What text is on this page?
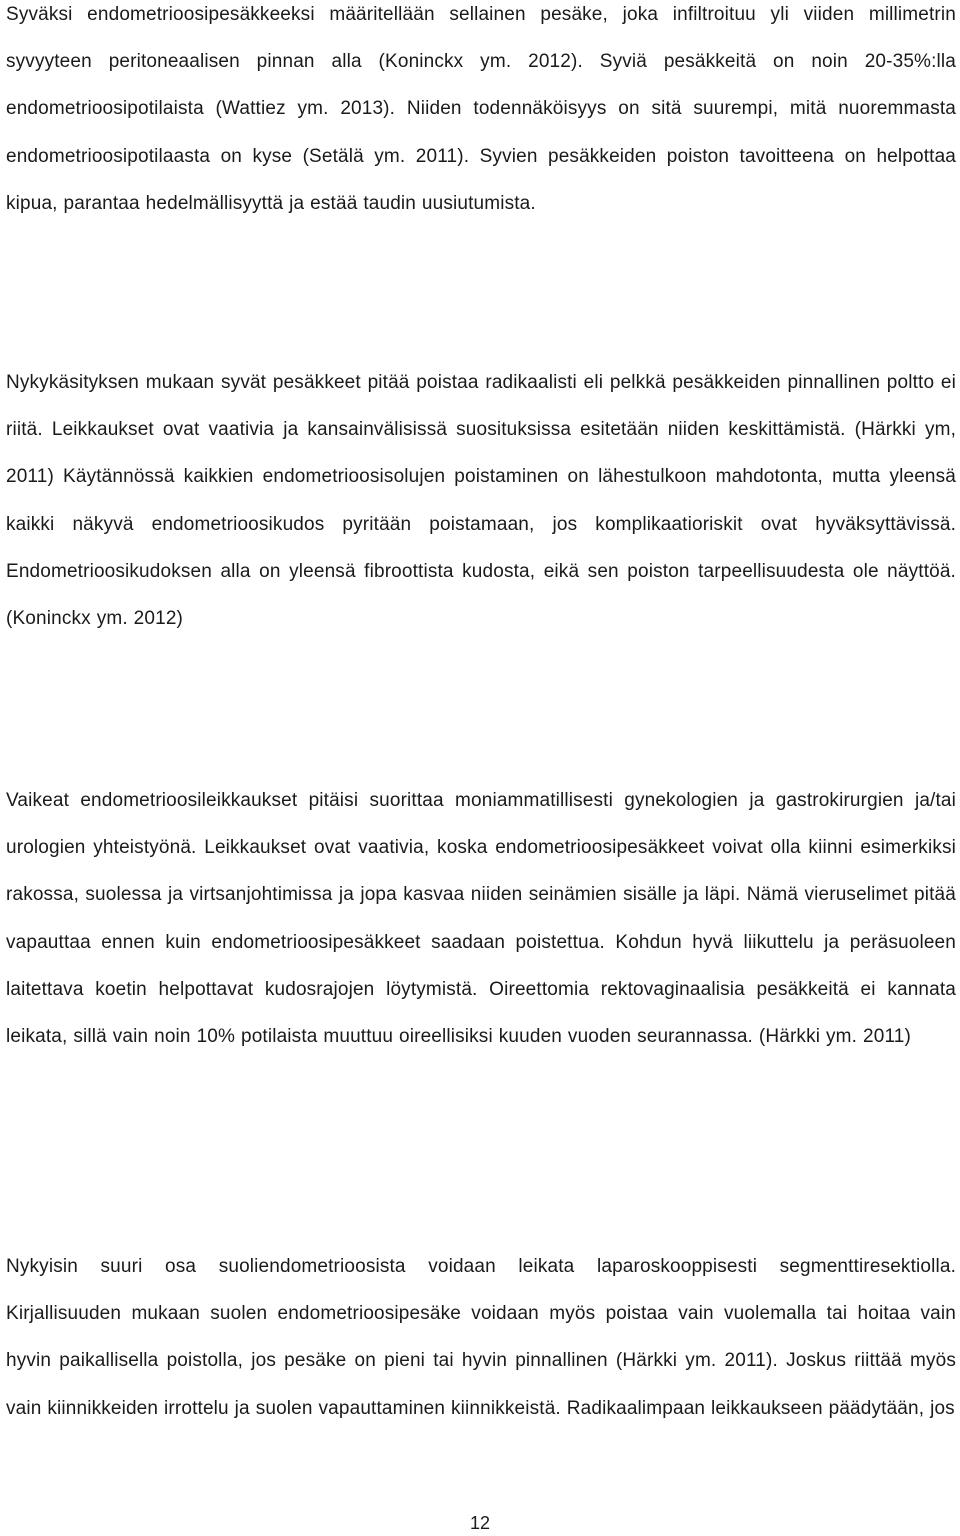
Syväksi endometrioosipesäkkeeksi määritellään sellainen pesäke, joka infiltroituu yli viiden millimetrin syvyyteen peritoneaalisen pinnan alla (Koninckx ym. 2012). Syviä pesäkkeitä on noin 20-35%:lla endometrioosipotilaista (Wattiez ym. 2013). Niiden todennäköisyys on sitä suurempi, mitä nuoremmasta endometrioosipotilaasta on kyse (Setälä ym. 2011). Syvien pesäkkeiden poiston tavoitteena on helpottaa kipua, parantaa hedelmällisyyttä ja estää taudin uusiutumista.

Nykykäsityksen mukaan syvät pesäkkeet pitää poistaa radikaalisti eli pelkkä pesäkkeiden pinnallinen poltto ei riitä. Leikkaukset ovat vaativia ja kansainvälisissä suosituksissa esitetään niiden keskittämistä. (Härkki ym, 2011) Käytännössä kaikkien endometrioosisolujen poistaminen on lähestulkoon mahdotonta, mutta yleensä kaikki näkyvä endometrioosikudos pyritään poistamaan, jos komplikaatioriskit ovat hyväksyttävissä. Endometrioosikudoksen alla on yleensä fibroottista kudosta, eikä sen poiston tarpeellisuudesta ole näyttöä. (Koninckx ym. 2012)

Vaikeat endometrioosileikkaukset pitäisi suorittaa moniammatillisesti gynekologien ja gastrokirurgien ja/tai urologien yhteistyönä. Leikkaukset ovat vaativia, koska endometrioosipesäkkeet voivat olla kiinni esimerkiksi rakossa, suolessa ja virtsanjohtimissa ja jopa kasvaa niiden seinämien sisälle ja läpi. Nämä vieruselimet pitää vapauttaa ennen kuin endometrioosipesäkkeet saadaan poistettua. Kohdun hyvä liikuttelu ja peräsuoleen laitettava koetin helpottavat kudosrajojen löytymistä. Oireettomia rektovaginaalisia pesäkkeitä ei kannata leikata, sillä vain noin 10% potilaista muuttuu oireellisiksi kuuden vuoden seurannassa. (Härkki ym. 2011)

Nykyisin suuri osa suoliendometrioosista voidaan leikata laparoskooppisesti segmenttiresektiolla. Kirjallisuuden mukaan suolen endometrioosipesäke voidaan myös poistaa vain vuolemalla tai hoitaa vain hyvin paikallisella poistolla, jos pesäke on pieni tai hyvin pinnallinen (Härkki ym. 2011). Joskus riittää myös vain kiinnikkeiden irrottelu ja suolen vapauttaminen kiinnikkeistä. Radikaalimpaan leikkaukseen päädytään, jos

12
